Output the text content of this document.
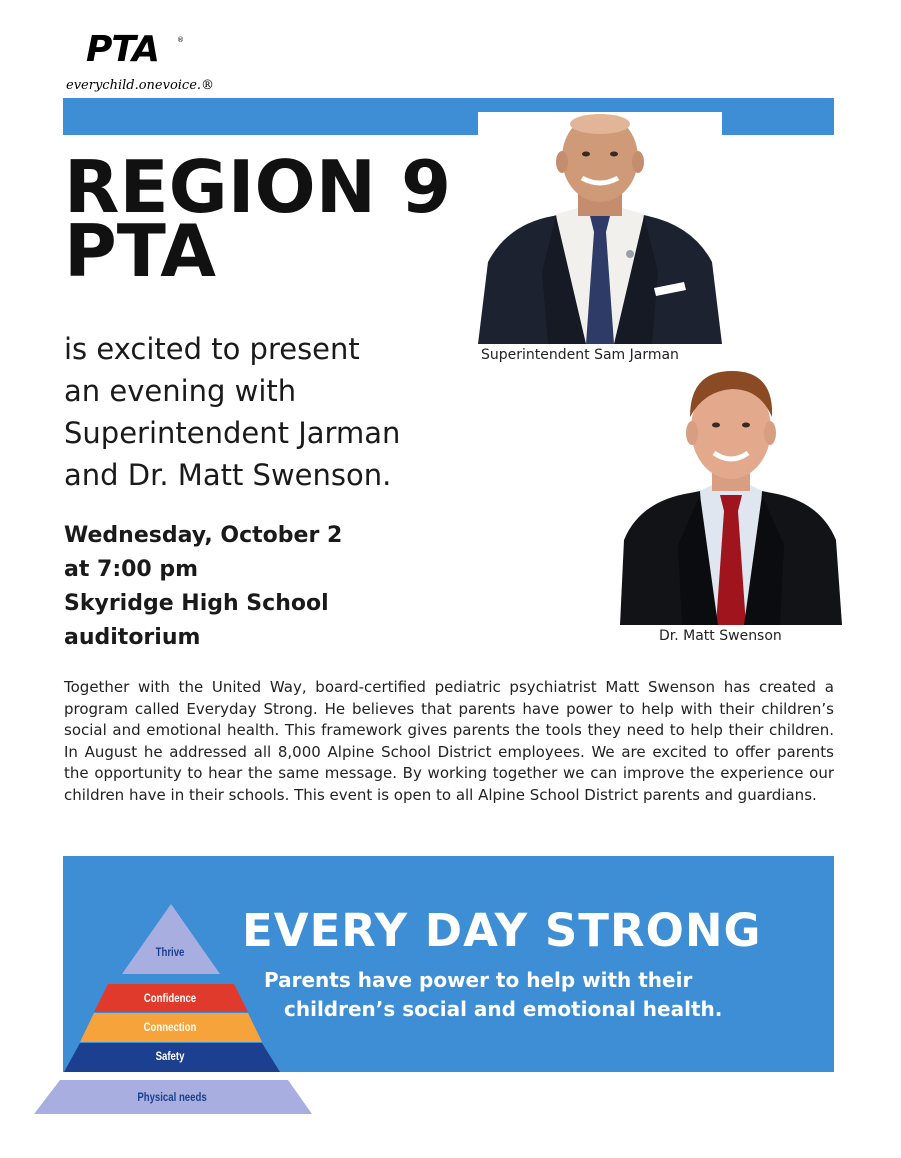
PTA	®
everychild.onevoice.®
REGION 9
PTA
is excited to present
an evening with
Superintendent Jarman
and Dr. Matt Swenson.
Wednesday, October 2
at 7:00 pm
Skyridge High School
auditorium
Superintendent Sam Jarman
Dr. Matt Swenson
Together with the United Way, board-certified pediatric psychiatrist Matt Swenson has created a program called Everyday Strong. He believes that parents have power to help with their children’s social and emotional health. This framework gives parents the tools they need to help their children. In August he addressed all 8,000 Alpine School District employees. We are excited to offer parents the opportunity to hear the same message. By working together we can improve the experience our children have in their schools. This event is open to all Alpine School District parents and guardians.
EVERY DAY STRONG
Parents have power to help with their
children’s social and emotional health.
Thrive
Confidence
Connection
Safety
Physical needs
